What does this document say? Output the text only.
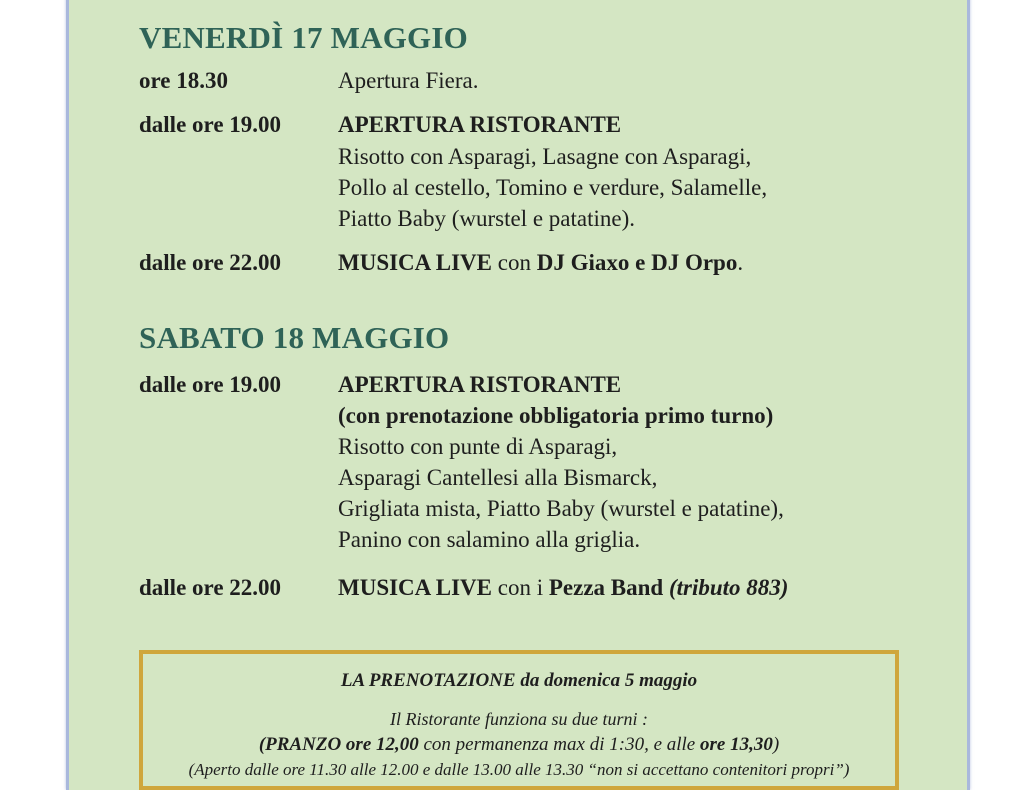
VENERDÌ 17 MAGGIO
ore 18.30	Apertura Fiera.
dalle ore 19.00 APERTURA RISTORANTE
Risotto con Asparagi, Lasagne con Asparagi,
Pollo al cestello, Tomino e verdure, Salamelle,
Piatto Baby (wurstel e patatine).
dalle ore 22.00 MUSICA LIVE con DJ Giaxo e DJ Orpo.
SABATO 18 MAGGIO
dalle ore 19.00 APERTURA RISTORANTE
(con prenotazione obbligatoria primo turno)
Risotto con punte di Asparagi,
Asparagi Cantellesi alla Bismarck,
Grigliata mista, Piatto Baby (wurstel e patatine),
Panino con salamino alla griglia.
dalle ore 22.00 MUSICA LIVE con i Pezza Band (tributo 883)
LA PRENOTAZIONE da domenica 5 maggio
Il Ristorante funziona su due turni :
(PRANZO ore 12,00 con permanenza max di 1:30, e alle ore 13,30)
(Aperto dalle ore 11.30 alle 12.00 e dalle 13.00 alle 13.30 “non si accettano contenitori propri”)
